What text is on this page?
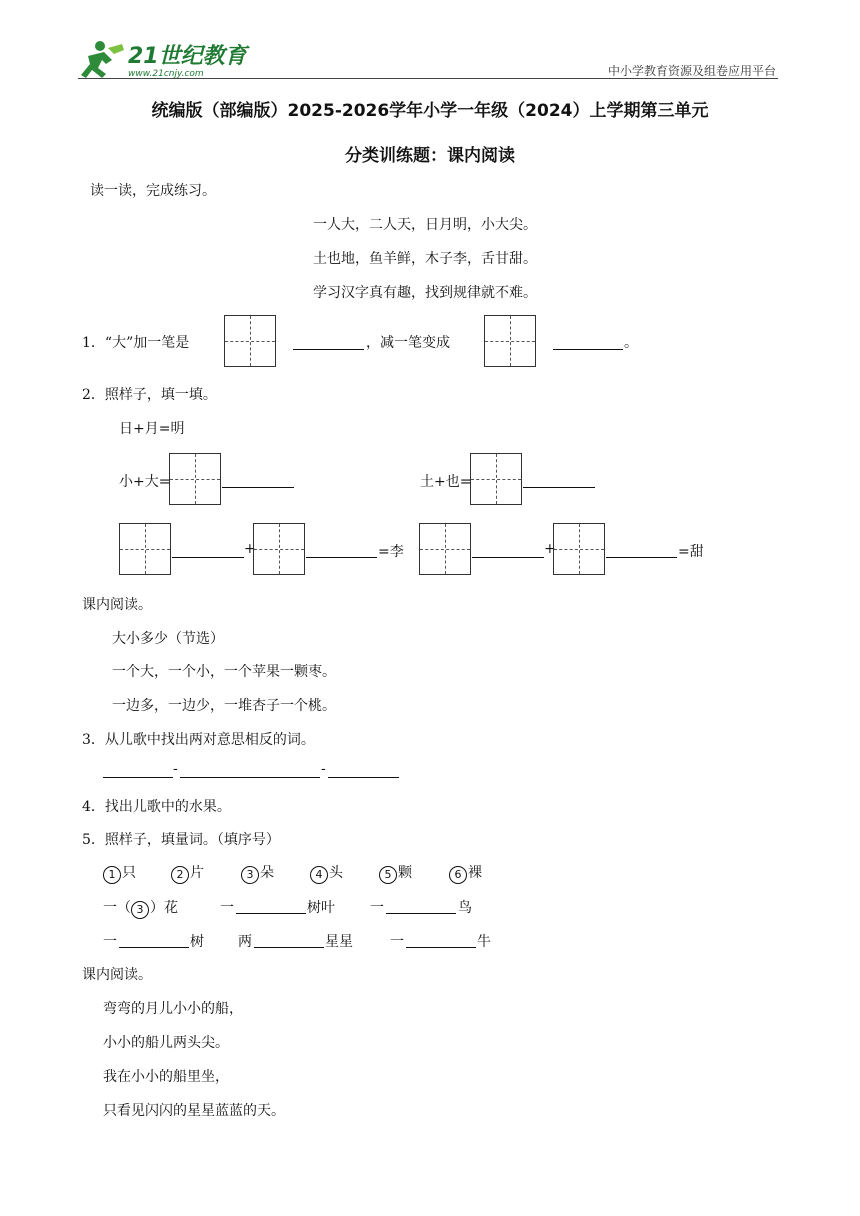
21世纪教育
www.21cnjy.com	中小学教育资源及组卷应用平台
统编版（部编版）2025-2026学年小学一年级（2024）上学期第三单元
分类训练题：课内阅读
读一读，完成练习。
一人大，二人天，日月明，小大尖。
土也地，鱼羊鲜，木子李，舌甘甜。
学习汉字真有趣，找到规律就不难。
1．“大”加一笔是	，减一笔变成	。
2．照样子，填一填。
日+月=明
小+大=	土+也=
+	=李	+	=甜
课内阅读。
大小多少（节选）
一个大，一个小，一个苹果一颗枣。
一边多，一边少，一堆杏子一个桃。
3．从儿歌中找出两对意思相反的词。
-	-
4．找出儿歌中的水果。
5．照样子，填量词。（填序号）
1 只	2 片	3 朵	4 头	5 颗	6 裸
一（ 3 ）花	一	树叶	一	鸟
一	树 两	星星	一	牛
课内阅读。
弯弯的月儿小小的船，
小小的船儿两头尖。
我在小小的船里坐，
只看见闪闪的星星蓝蓝的天。
